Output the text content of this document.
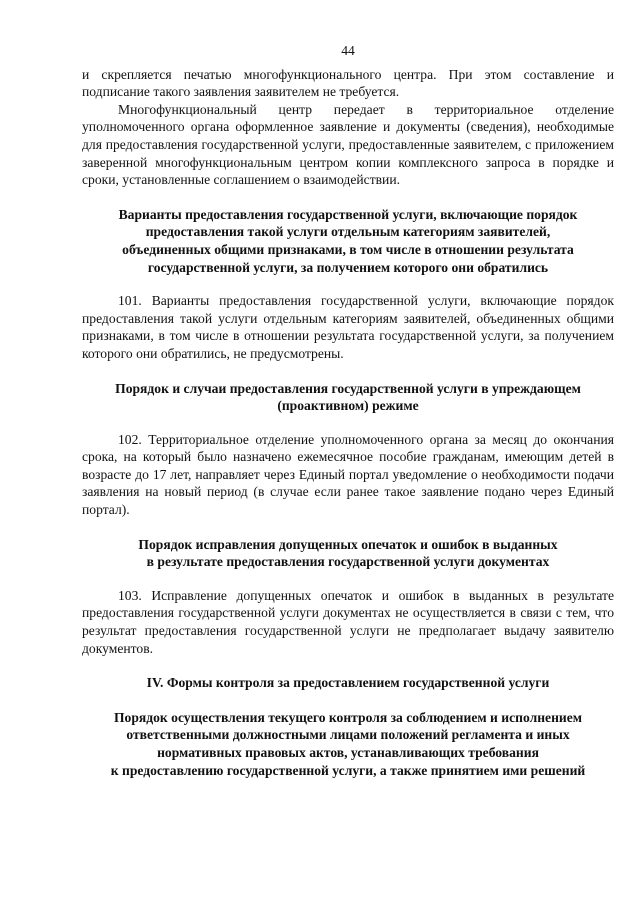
44

и скрепляется печатью многофункционального центра. При этом составление и подписание такого заявления заявителем не требуется.

Многофункциональный центр передает в территориальное отделение уполномоченного органа оформленное заявление и документы (сведения), необходимые для предоставления государственной услуги, предоставленные заявителем, с приложением заверенной многофункциональным центром копии комплексного запроса в порядке и сроки, установленные соглашением о взаимодействии.

Варианты предоставления государственной услуги, включающие порядок
предоставления такой услуги отдельным категориям заявителей,
объединенных общими признаками, в том числе в отношении результата
государственной услуги, за получением которого они обратились

101. Варианты предоставления государственной услуги, включающие порядок предоставления такой услуги отдельным категориям заявителей, объединенных общими признаками, в том числе в отношении результата государственной услуги, за получением которого они обратились, не предусмотрены.

Порядок и случаи предоставления государственной услуги в упреждающем
(проактивном) режиме

102. Территориальное отделение уполномоченного органа за месяц до окончания срока, на который было назначено ежемесячное пособие гражданам, имеющим детей в возрасте до 17 лет, направляет через Единый портал уведомление о необходимости подачи заявления на новый период (в случае если ранее такое заявление подано через Единый портал).

Порядок исправления допущенных опечаток и ошибок в выданных
в результате предоставления государственной услуги документах

103. Исправление допущенных опечаток и ошибок в выданных в результате предоставления государственной услуги документах не осуществляется в связи с тем, что результат предоставления государственной услуги не предполагает выдачу заявителю документов.

IV. Формы контроля за предоставлением государственной услуги
Порядок осуществления текущего контроля за соблюдением и исполнением
ответственными должностными лицами положений регламента и иных
нормативных правовых актов, устанавливающих требования
к предоставлению государственной услуги, а также принятием ими решений
